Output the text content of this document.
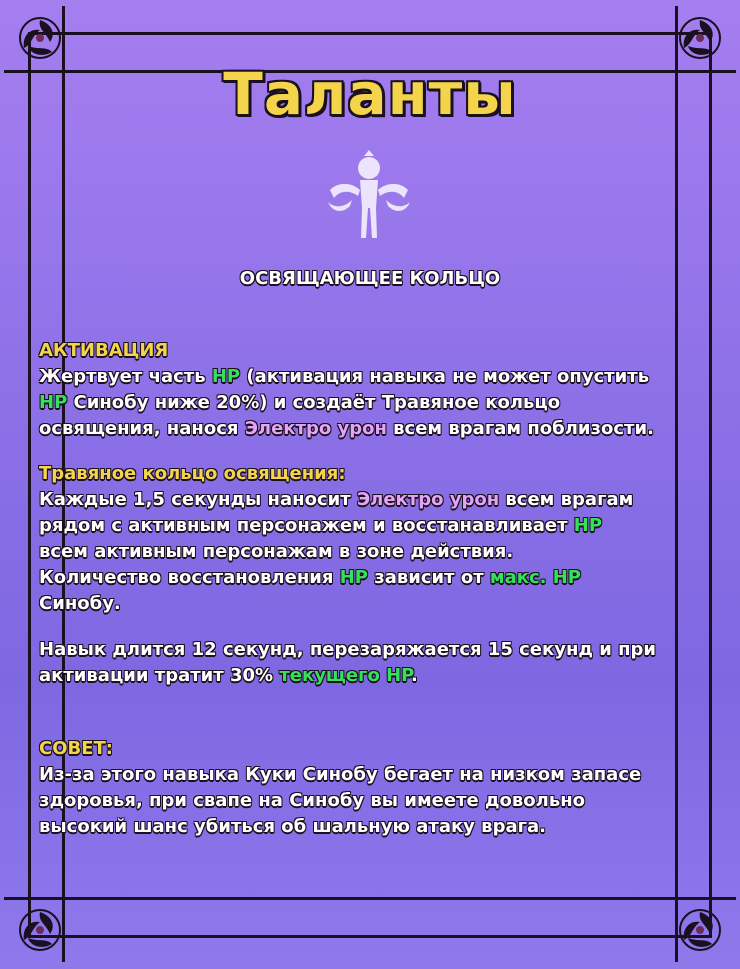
Таланты
ОСВЯЩАЮЩЕЕ КОЛЬЦО
АКТИВАЦИЯ
Жертвует часть HP (активация навыка не может опустить
HP Синобу ниже 20%) и создаёт Травяное кольцо
освящения, нанося Электро урон всем врагам поблизости.
Травяное кольцо освящения:
Каждые 1,5 секунды наносит Электро урон всем врагам
рядом с активным персонажем и восстанавливает HP
всем активным персонажам в зоне действия.
Количество восстановления HP зависит от макс. HP
Синобу.
Навык длится 12 секунд, перезаряжается 15 секунд и при
активации тратит 30% текущего HP.
СОВЕТ:
Из-за этого навыка Куки Синобу бегает на низком запасе
здоровья, при свапе на Синобу вы имеете довольно
высокий шанс убиться об шальную атаку врага.
